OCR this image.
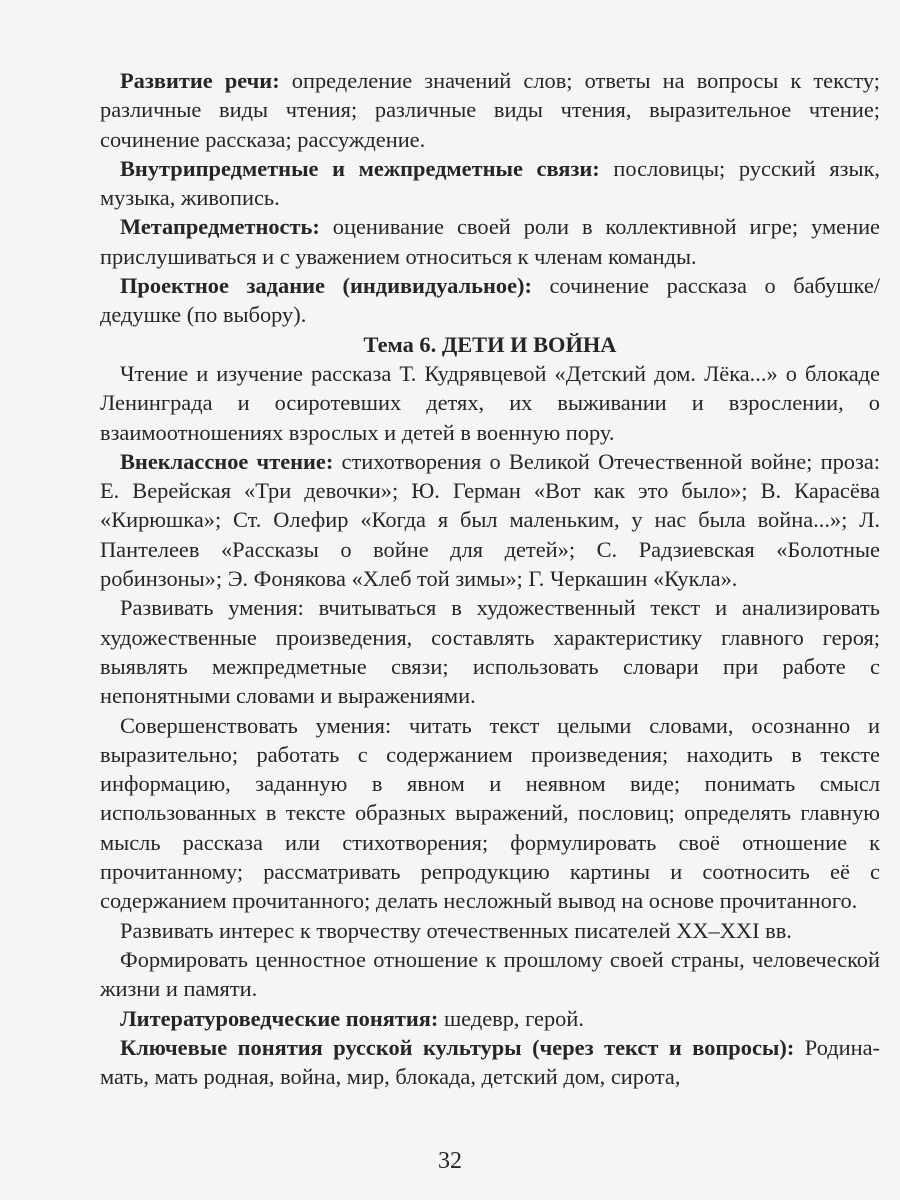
Развитие речи: определение значений слов; ответы на вопросы к тексту; различные виды чтения; различные виды чтения, выразительное чтение; сочинение рассказа; рассуждение.

Внутрипредметные и межпредметные связи: пословицы; русский язык, музыка, живопись.

Метапредметность: оценивание своей роли в коллективной игре; умение прислушиваться и с уважением относиться к членам команды.

Проектное задание (индивидуальное): сочинение рассказа о бабушке/дедушке (по выбору).

Тема 6. ДЕТИ И ВОЙНА

Чтение и изучение рассказа Т. Кудрявцевой «Детский дом. Лёка...» о блокаде Ленинграда и осиротевших детях, их выживании и взрослении, о взаимоотношениях взрослых и детей в военную пору.

Внеклассное чтение: стихотворения о Великой Отечественной войне; проза: Е. Верейская «Три девочки»; Ю. Герман «Вот как это было»; В. Карасёва «Кирюшка»; Ст. Олефир «Когда я был маленьким, у нас была война...»; Л. Пантелеев «Рассказы о войне для детей»; С. Радзиевская «Болотные робинзоны»; Э. Фонякова «Хлеб той зимы»; Г. Черкашин «Кукла».

Развивать умения: вчитываться в художественный текст и анализировать художественные произведения, составлять характеристику главного героя; выявлять межпредметные связи; использовать словари при работе с непонятными словами и выражениями.

Совершенствовать умения: читать текст целыми словами, осознанно и выразительно; работать с содержанием произведения; находить в тексте информацию, заданную в явном и неявном виде; понимать смысл использованных в тексте образных выражений, пословиц; определять главную мысль рассказа или стихотворения; формулировать своё отношение к прочитанному; рассматривать репродукцию картины и соотносить её с содержанием прочитанного; делать несложный вывод на основе прочитанного.

Развивать интерес к творчеству отечественных писателей XX–XXI вв.

Формировать ценностное отношение к прошлому своей страны, человеческой жизни и памяти.

Литературоведческие понятия: шедевр, герой.

Ключевые понятия русской культуры (через текст и вопросы): Родина-мать, мать родная, война, мир, блокада, детский дом, сирота,

32
